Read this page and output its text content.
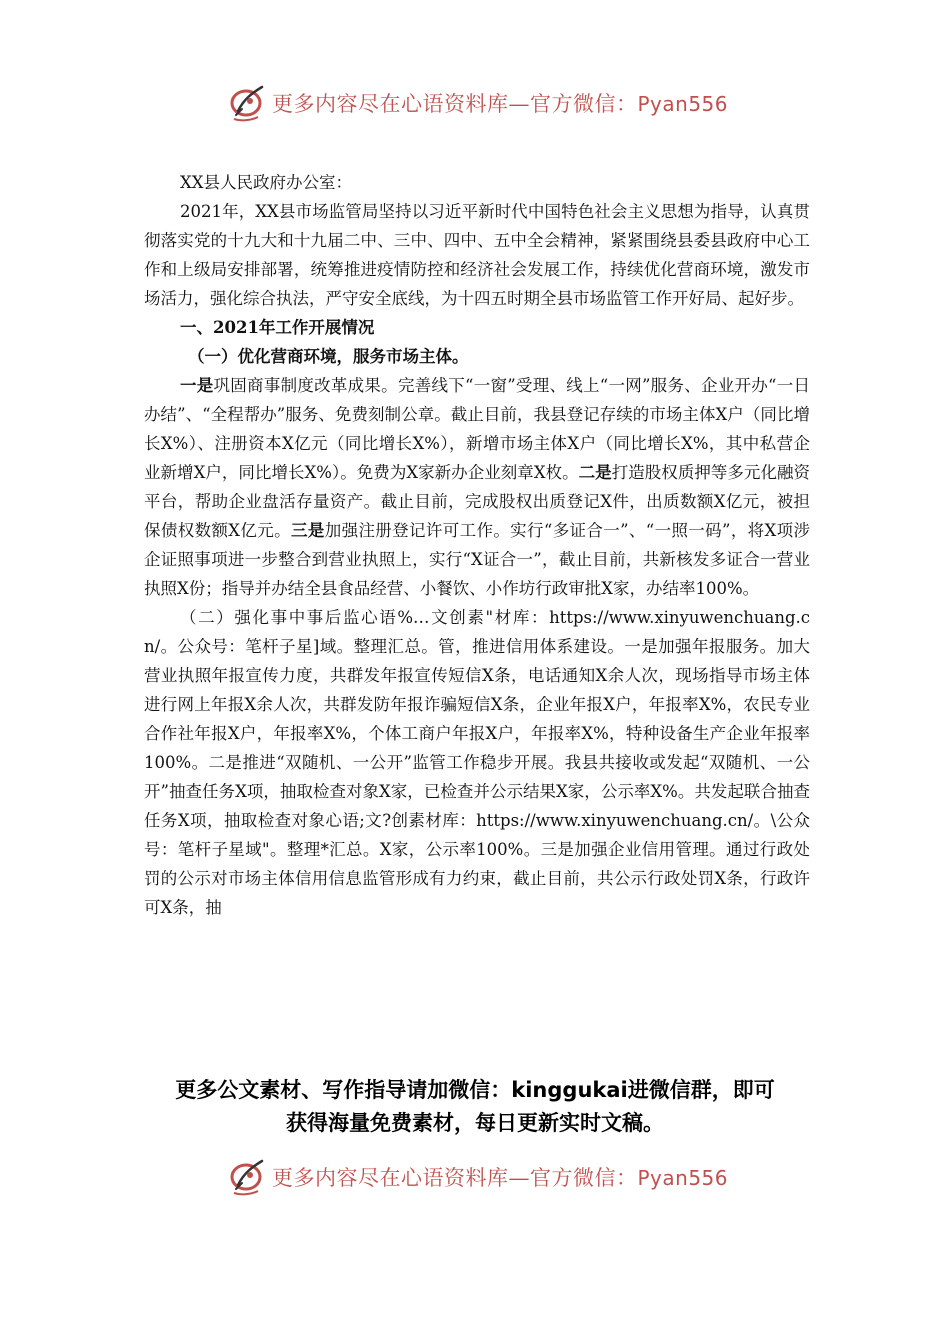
更多内容尽在心语资料库—官方微信：Pyan556

XX县人民政府办公室：

2021年，XX县市场监管局坚持以习近平新时代中国特色社会主义思想为指导，认真贯彻落实党的十九大和十九届二中、三中、四中、五中全会精神，紧紧围绕县委县政府中心工作和上级局安排部署，统筹推进疫情防控和经济社会发展工作，持续优化营商环境，激发市场活力，强化综合执法，严守安全底线，为十四五时期全县市场监管工作开好局、起好步。

一、2021年工作开展情况

（一）优化营商环境，服务市场主体。

一是巩固商事制度改革成果。完善线下“一窗”受理、线上“一网”服务、企业开办“一日办结”、“全程帮办”服务、免费刻制公章。截止目前，我县登记存续的市场主体X户（同比增长X%）、注册资本X亿元（同比增长X%），新增市场主体X户（同比增长X%，其中私营企业新增X户，同比增长X%）。免费为X家新办企业刻章X枚。二是打造股权质押等多元化融资平台，帮助企业盘活存量资产。截止目前，完成股权出质登记X件，出质数额X亿元，被担保债权数额X亿元。三是加强注册登记许可工作。实行“多证合一”、“一照一码”，将X项涉企证照事项进一步整合到营业执照上，实行“X证合一”，截止目前，共新核发多证合一营业执照X份；指导并办结全县食品经营、小餐饮、小作坊行政审批X家，办结率100%。

（二）强化事中事后监心语%…文创素"材库：https://www.xinyuwenchuang.cn/。公众号：笔杆子星]域。整理汇总。管，推进信用体系建设。一是加强年报服务。加大营业执照年报宣传力度，共群发年报宣传短信X条，电话通知X余人次，现场指导市场主体进行网上年报X余人次，共群发防年报诈骗短信X条，企业年报X户，年报率X%，农民专业合作社年报X户，年报率X%，个体工商户年报X户，年报率X%，特种设备生产企业年报率100%。二是推进“双随机、一公开”监管工作稳步开展。我县共接收或发起“双随机、一公开”抽查任务X项，抽取检查对象X家，已检查并公示结果X家，公示率X%。共发起联合抽查任务X项，抽取检查对象心语;文?创素材库：https://www.xinyuwenchuang.cn/。\公众号：笔杆子星域"。整理*汇总。X家，公示率100%。三是加强企业信用管理。通过行政处罚的公示对市场主体信用信息监管形成有力约束，截止目前，共公示行政处罚X条，行政许可X条，抽

更多公文素材、写作指导请加微信：kinggukai进微信群，即可
获得海量免费素材，每日更新实时文稿。
更多内容尽在心语资料库—官方微信：Pyan556
